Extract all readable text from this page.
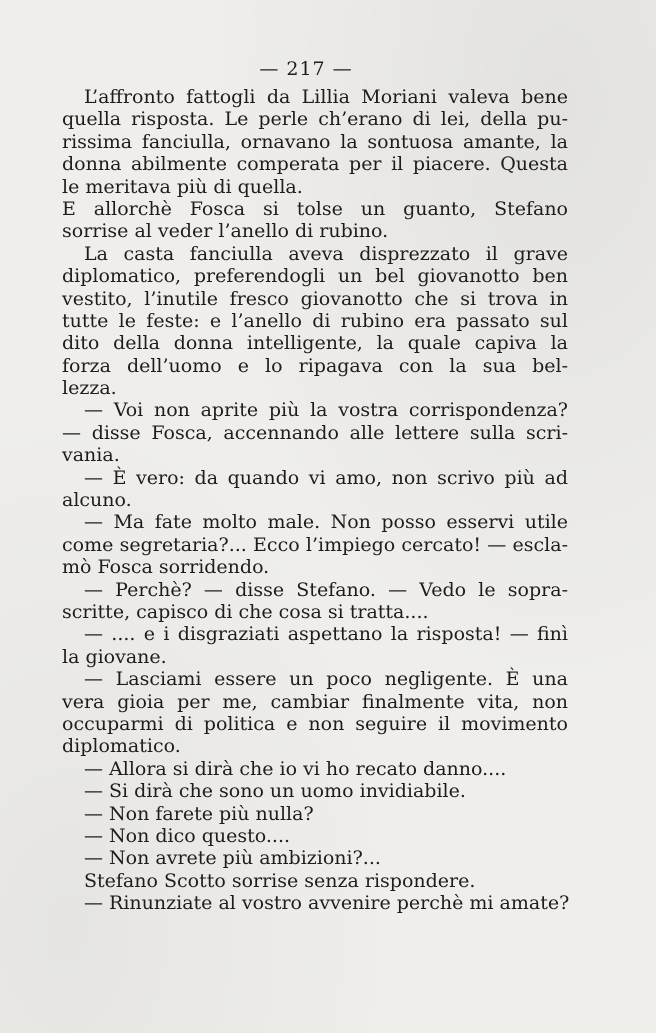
— 217 —
L’affronto fattogli da Lillia Moriani valeva bene
quella risposta. Le perle ch’erano di lei, della pu-
rissima fanciulla, ornavano la sontuosa amante, la
donna abilmente comperata per il piacere. Questa
le meritava più di quella.
E allorchè Fosca si tolse un guanto, Stefano
sorrise al veder l’anello di rubino.
La casta fanciulla aveva disprezzato il grave
diplomatico, preferendogli un bel giovanotto ben
vestito, l’inutile fresco giovanotto che si trova in
tutte le feste: e l’anello di rubino era passato sul
dito della donna intelligente, la quale capiva la
forza dell’uomo e lo ripagava con la sua bel-
lezza.
— Voi non aprite più la vostra corrispondenza?
— disse Fosca, accennando alle lettere sulla scri-
vania.
— È vero: da quando vi amo, non scrivo più ad
alcuno.
— Ma fate molto male. Non posso esservi utile
come segretaria?... Ecco l’impiego cercato! — escla-
mò Fosca sorridendo.
— Perchè? — disse Stefano. — Vedo le sopra-
scritte, capisco di che cosa si tratta....
— .... e i disgraziati aspettano la risposta! — finì
la giovane.
— Lasciami essere un poco negligente. È una
vera gioia per me, cambiar finalmente vita, non
occuparmi di politica e non seguire il movimento
diplomatico.
— Allora si dirà che io vi ho recato danno....
— Si dirà che sono un uomo invidiabile.
— Non farete più nulla?
— Non dico questo....
— Non avrete più ambizioni?...
Stefano Scotto sorrise senza rispondere.
— Rinunziate al vostro avvenire perchè mi amate?
